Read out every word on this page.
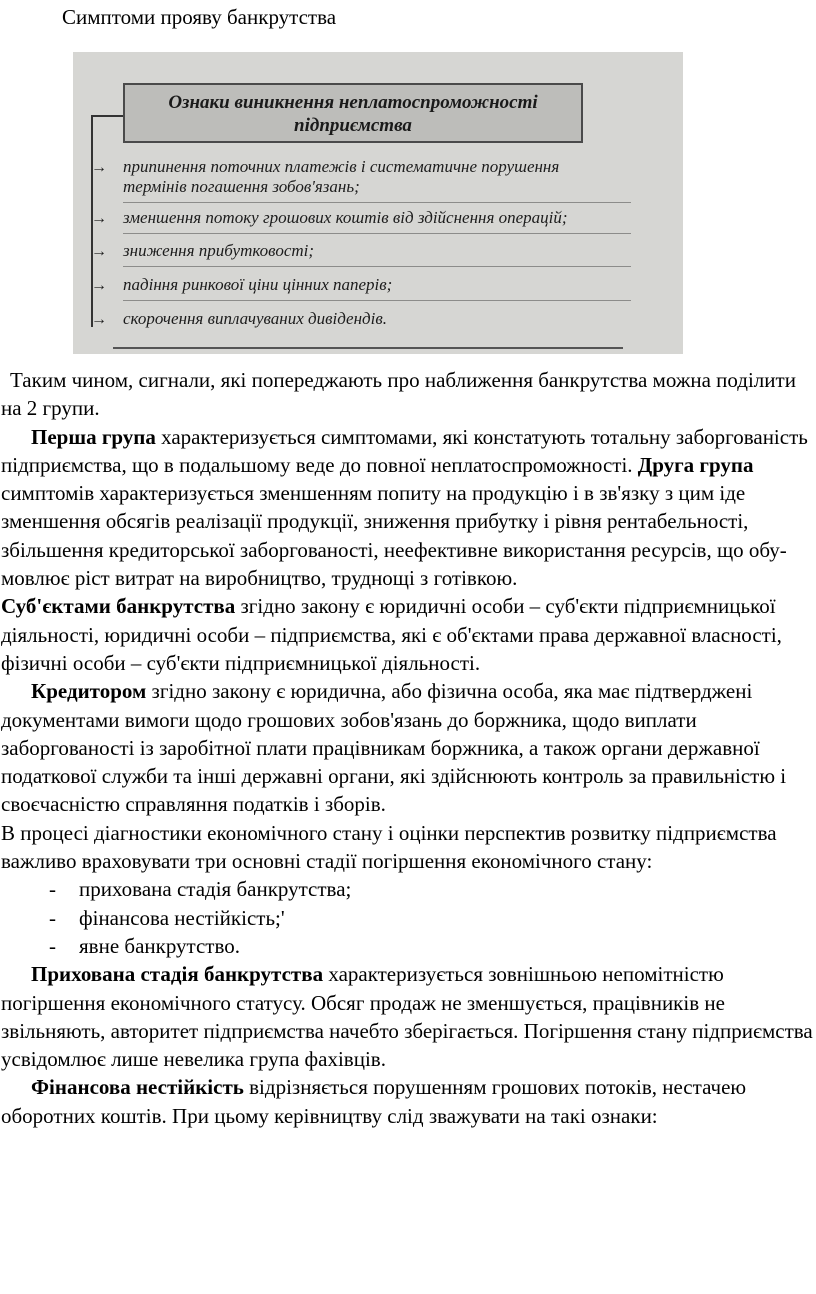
Симптоми прояву банкрутства
Ознаки виникнення неплатоспроможності
підприємства
→ припинення поточних платежів і систематичне порушення
термінів погашення зобов'язань;
→ зменшення потоку грошових коштів від здійснення операцій;
→ зниження прибутковості;
→ падіння ринкової ціни цінних паперів;
→ скорочення виплачуваних дивідендів.

Таким чином, сигнали, які попереджають про наближення банкрутства можна поділити на 2 групи.

Перша група характеризується симптомами, які констатують тотальну заборгованість підприємства, що в подальшому веде до повної неплатоспроможності. Друга група симптомів характеризується зменшенням попиту на продукцію і в зв'язку з цим іде зменшення обсягів реалізації продукції, зниження прибутку і рівня рентабельності, збільшення кредиторської заборгованості, неефективне використання ресурсів, що обу-мовлює ріст витрат на виробництво, труднощі з готівкою.

Суб'єктами банкрутства згідно закону є юридичні особи – суб'єкти підприємницької діяльності, юридичні особи – підприємства, які є об'єктами права державної власності, фізичні особи – суб'єкти підприємницької діяльності.

Кредитором згідно закону є юридична, або фізична особа, яка має підтверджені документами вимоги щодо грошових зобов'язань до боржника, щодо виплати заборгованості із заробітної плати працівникам боржника, а також органи державної податкової служби та інші державні органи, які здійснюють контроль за правильністю і своєчасністю справляння податків і зборів.

В процесі діагностики економічного стану і оцінки перспектив розвитку підприємства важливо враховувати три основні стадії погіршення економічного стану:

- прихована стадія банкрутства;

- фінансова нестійкість;'

- явне банкрутство.

Прихована стадія банкрутства характеризується зовнішньою непомітністю погіршення економічного статусу. Обсяг продаж не зменшується, працівників не звільняють, авторитет підприємства начебто зберігається. Погіршення стану підприємства усвідомлює лише невелика група фахівців.

Фінансова нестійкість відрізняється порушенням грошових потоків, нестачею оборотних коштів. При цьому керівництву слід зважувати на такі ознаки:
